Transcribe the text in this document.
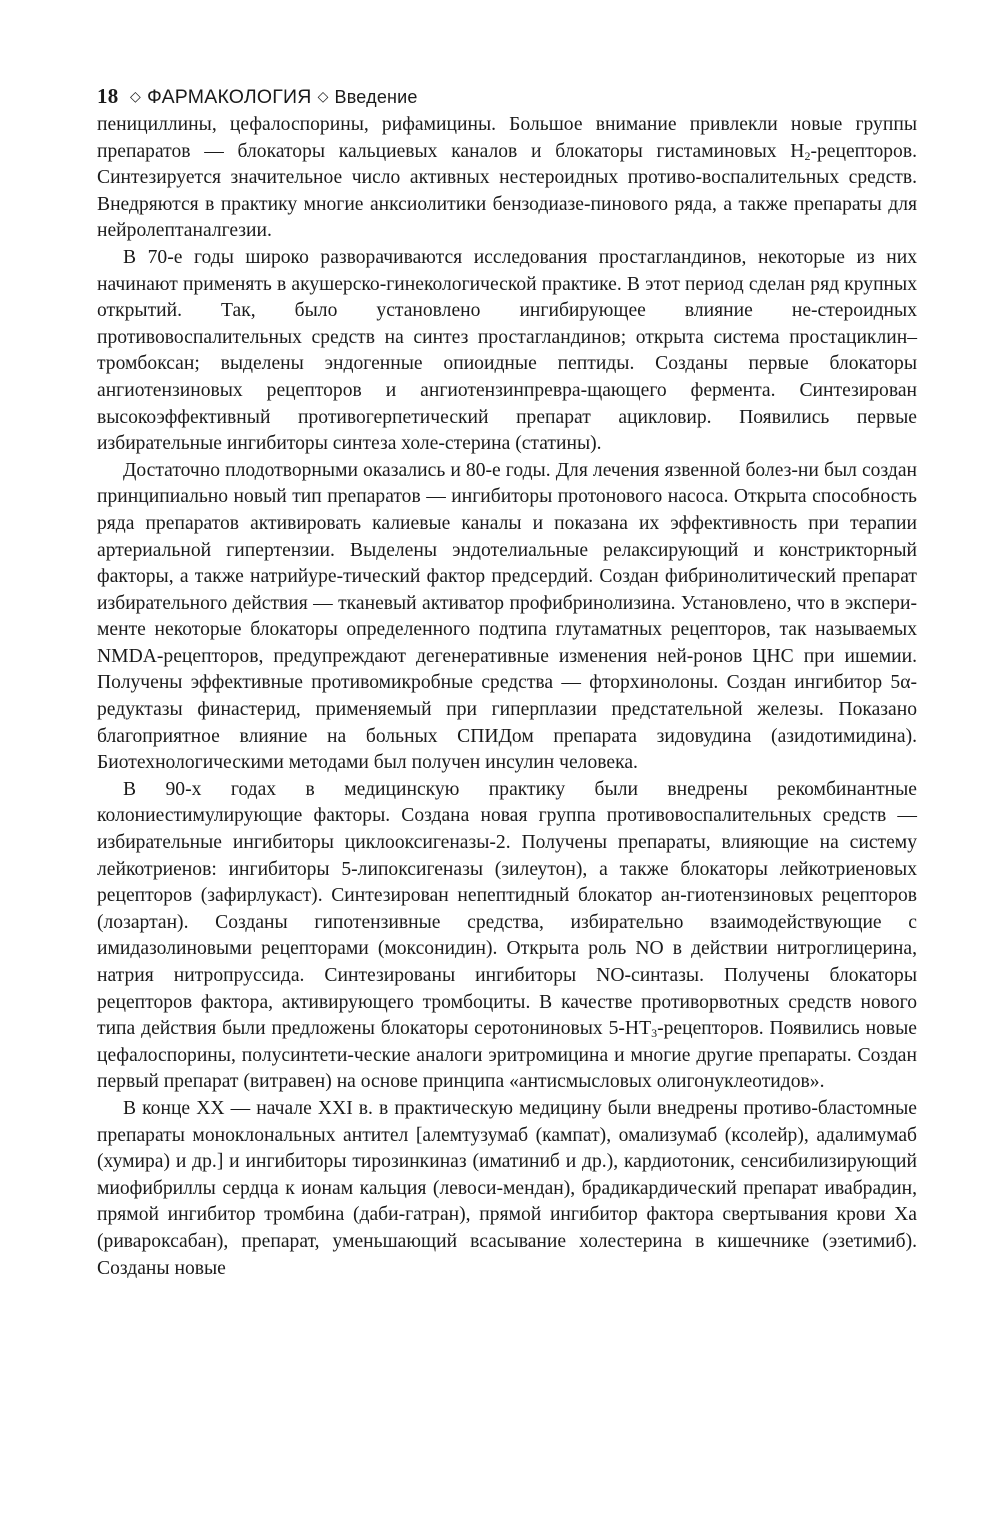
18 ◇ ФАРМАКОЛОГИЯ ◇ Введение

пенициллины, цефалоспорины, рифамицины. Большое внимание привлекли новые группы препаратов — блокаторы кальциевых каналов и блокаторы гистаминовых $H_2$-рецепторов. Синтезируется значительное число активных нестероидных противо-воспалительных средств. Внедряются в практику многие анксиолитики бензодиазе-пинового ряда, а также препараты для нейролептаналгезии.

В 70-е годы широко разворачиваются исследования простагландинов, некоторые из них начинают применять в акушерско-гинекологической практике. В этот период сделан ряд крупных открытий. Так, было установлено ингибирующее влияние не-стероидных противовоспалительных средств на синтез простагландинов; открыта система простациклин–тромбоксан; выделены эндогенные опиоидные пептиды. Созданы первые блокаторы ангиотензиновых рецепторов и ангиотензинпревра-щающего фермента. Синтезирован высокоэффективный противогерпетический препарат ацикловир. Появились первые избирательные ингибиторы синтеза холе-стерина (статины).

Достаточно плодотворными оказались и 80-е годы. Для лечения язвенной болез-ни был создан принципиально новый тип препаратов — ингибиторы протонового насоса. Открыта способность ряда препаратов активировать калиевые каналы и показана их эффективность при терапии артериальной гипертензии. Выделены эндотелиальные релаксирующий и констрикторный факторы, а также натрийуре-тический фактор предсердий. Создан фибринолитический препарат избирательного действия — тканевый активатор профибринолизина. Установлено, что в экспери-менте некоторые блокаторы определенного подтипа глутаматных рецепторов, так называемых NMDA-рецепторов, предупреждают дегенеративные изменения ней-ронов ЦНС при ишемии. Получены эффективные противомикробные средства — фторхинолоны. Создан ингибитор 5α-редуктазы финастерид, применяемый при гиперплазии предстательной железы. Показано благоприятное влияние на больных СПИДом препарата зидовудина (азидотимидина). Биотехнологическими методами был получен инсулин человека.

В 90-х годах в медицинскую практику были внедрены рекомбинантные колониестимулирующие факторы. Создана новая группа противовоспалительных средств — избирательные ингибиторы циклооксигеназы-2. Получены препараты, влияющие на систему лейкотриенов: ингибиторы 5-липоксигеназы (зилеутон), а также блокаторы лейкотриеновых рецепторов (зафирлукаст). Синтезирован непептидный блокатор ан-гиотензиновых рецепторов (лозартан). Созданы гипотензивные средства, избирательно взаимодействующие с имидазолиновыми рецепторами (моксонидин). Открыта роль NO в действии нитроглицерина, натрия нитропруссида. Синтезированы ингибиторы NO-синтазы. Получены блокаторы рецепторов фактора, активирующего тромбоциты. В качестве противорвотных средств нового типа действия были предложены блокаторы серотониновых $5-HT_3$-рецепторов. Появились новые цефалоспорины, полусинтети-ческие аналоги эритромицина и многие другие препараты. Создан первый препарат (витравен) на основе принципа «антисмысловых олигонуклеотидов».

В конце XX — начале XXI в. в практическую медицину были внедрены противо-бластомные препараты моноклональных антител [алемтузумаб (кампат), омализумаб (ксолейр), адалимумаб (хумира) и др.] и ингибиторы тирозинкиназ (иматиниб и др.), кардиотоник, сенсибилизирующий миофибриллы сердца к ионам кальция (левоси-мендан), брадикардический препарат ивабрадин, прямой ингибитор тромбина (даби-гатран), прямой ингибитор фактора свертывания крови Xa (ривароксабан), препарат, уменьшающий всасывание холестерина в кишечнике (эзетимиб). Созданы новые
